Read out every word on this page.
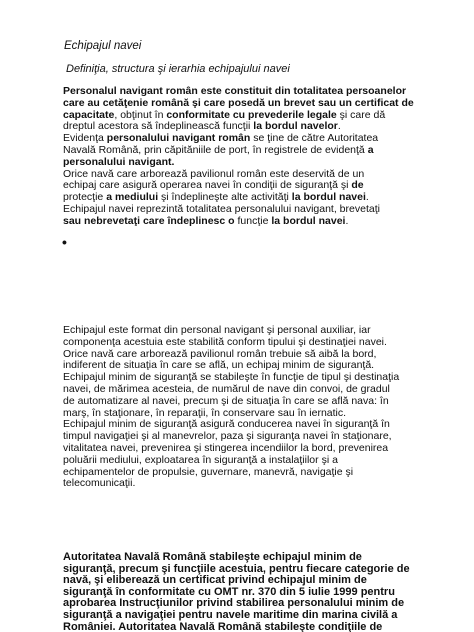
Echipajul navei
Definiţia, structura şi ierarhia echipajului navei
Personalul navigant român este constituit din totalitatea persoanelor
care au cetăţenie română şi care posedă un brevet sau un certificat de
capacitate, obţinut în conformitate cu prevederile legale şi care dă
dreptul acestora să îndeplinească funcţii la bordul navelor.
Evidenţa personalului navigant român se ţine de către Autoritatea
Navală Română, prin căpităniile de port, în registrele de evidenţă a
personalului navigant.
Orice navă care arborează pavilionul român este deservită de un
echipaj care asigură operarea navei în condiţii de siguranţă şi de
protecţie a mediului şi îndeplineşte alte activităţi la bordul navei.
Echipajul navei reprezintă totalitatea personalului navigant, brevetaţi
sau nebrevetaţi care îndeplinesc o funcţie la bordul navei.
•
Echipajul este format din personal navigant şi personal auxiliar, iar
componenţa acestuia este stabilită conform tipului şi destinaţiei navei.
Orice navă care arborează pavilionul român trebuie să aibă la bord,
indiferent de situaţia în care se află, un echipaj minim de siguranţă.
Echipajul minim de siguranţă se stabileşte în funcţie de tipul şi destinaţia
navei, de mărimea acesteia, de numărul de nave din convoi, de gradul
de automatizare al navei, precum şi de situaţia în care se află nava: în
marş, în staţionare, în reparaţii, în conservare sau în iernatic.
Echipajul minim de siguranţă asigură conducerea navei în siguranţă în
timpul navigaţiei şi al manevrelor, paza şi siguranţa navei în staţionare,
vitalitatea navei, prevenirea şi stingerea incendiilor la bord, prevenirea
poluării mediului, exploatarea în siguranţă a instalaţiilor şi a
echipamentelor de propulsie, guvernare, manevră, navigaţie şi
telecomunicaţii.
Autoritatea Navală Română stabileşte echipajul minim de
siguranţă, precum şi funcţiile acestuia, pentru fiecare categorie de
navă, şi eliberează un certificat privind echipajul minim de
siguranţă în conformitate cu OMT nr. 370 din 5 iulie 1999 pentru
aprobarea Instrucţiunilor privind stabilirea personalului minim de
siguranţă a navigaţiei pentru navele maritime din marina civilă a
României. Autoritatea Navală Română stabileşte condiţiile de
